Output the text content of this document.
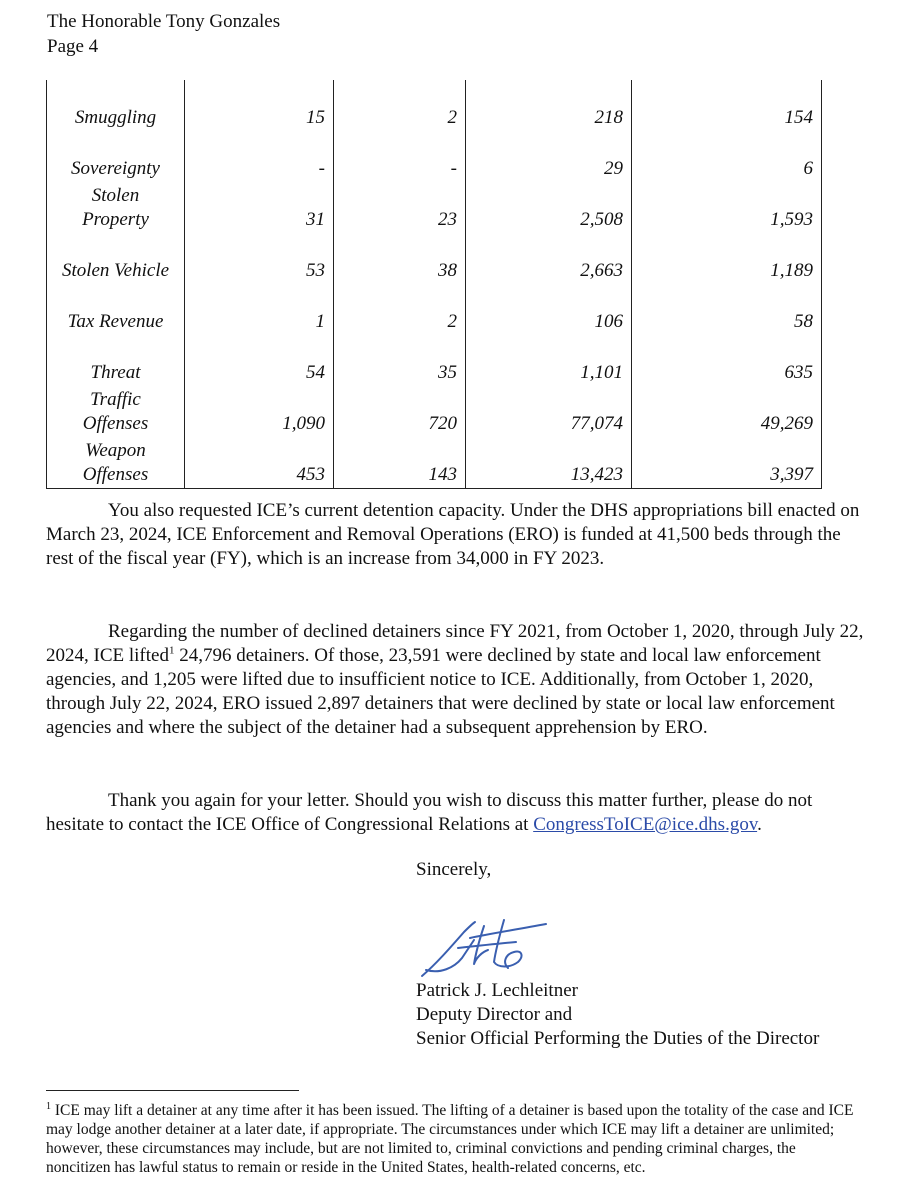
The Honorable Tony Gonzales
Page 4
Smuggling	15	2	218	154

Sovereignty	-	-	29	6

Stolen
Property	31	23	2,508	1,593

Stolen Vehicle	53	38	2,663	1,189

Tax Revenue	1	2	106	58

Threat	54	35	1,101	635

Traffic
Offenses	1,090	720	77,074	49,269

Weapon
Offenses	453	143	13,423	3,397

You also requested ICE’s current detention capacity. Under the DHS appropriations bill enacted on March 23, 2024, ICE Enforcement and Removal Operations (ERO) is funded at 41,500 beds through the rest of the fiscal year (FY), which is an increase from 34,000 in FY 2023.

Regarding the number of declined detainers since FY 2021, from October 1, 2020, through July 22, 2024, ICE lifted$^1$ 24,796 detainers. Of those, 23,591 were declined by state and local law enforcement agencies, and 1,205 were lifted due to insufficient notice to ICE. Additionally, from October 1, 2020, through July 22, 2024, ERO issued 2,897 detainers that were declined by state or local law enforcement agencies and where the subject of the detainer had a subsequent apprehension by ERO.

Thank you again for your letter. Should you wish to discuss this matter further, please do not hesitate to contact the ICE Office of Congressional Relations at CongressToICE@ice.dhs.gov.

Sincerely,
Patrick J. Lechleitner
Deputy Director and
Senior Official Performing the Duties of the Director

$^1$ ICE may lift a detainer at any time after it has been issued. The lifting of a detainer is based upon the totality of the case and ICE may lodge another detainer at a later date, if appropriate. The circumstances under which ICE may lift a detainer are unlimited; however, these circumstances may include, but are not limited to, criminal convictions and pending criminal charges, the noncitizen has lawful status to remain or reside in the United States, health-related concerns, etc.
